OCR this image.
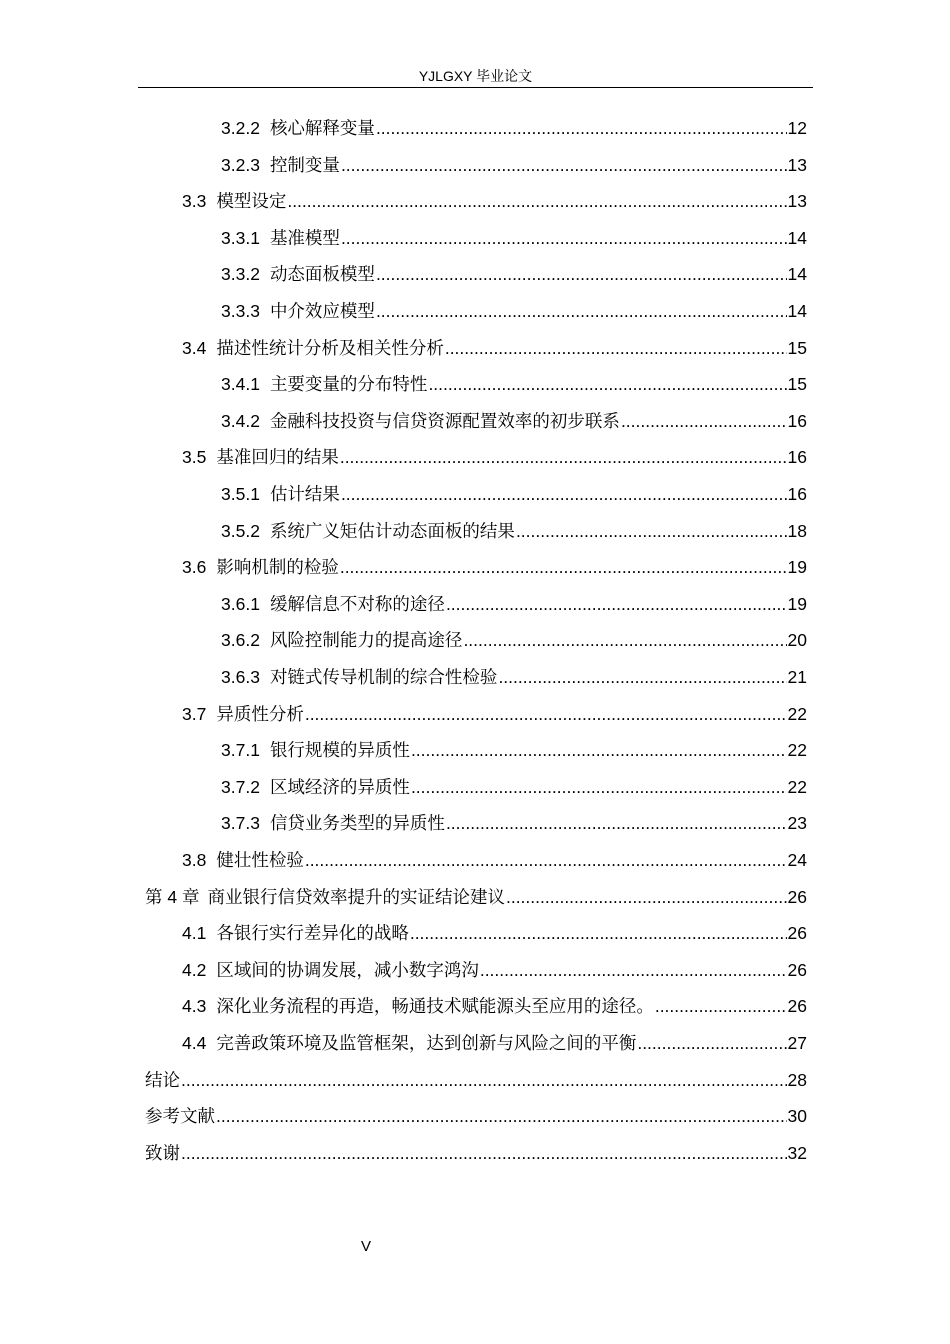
YJLGXY 毕业论文
3.2.2 核心解释变量 .....	12
3.2.3 控制变量 .....	13
3.3 模型设定 .....	13
3.3.1 基准模型 .....	14
3.3.2 动态面板模型 .....	14
3.3.3 中介效应模型 .....	14
3.4 描述性统计分析及相关性分析 .....	15
3.4.1 主要变量的分布特性 .....	15
3.4.2 金融科技投资与信贷资源配置效率的初步联系 .....	16
3.5 基准回归的结果 .....	16
3.5.1 估计结果 .....	16
3.5.2 系统广义矩估计动态面板的结果 .....	18
3.6 影响机制的检验 .....	19
3.6.1 缓解信息不对称的途径 .....	19
3.6.2 风险控制能力的提高途径 .....	20
3.6.3 对链式传导机制的综合性检验 .....	21
3.7 异质性分析 .....	22
3.7.1 银行规模的异质性 .....	22
3.7.2 区域经济的异质性 .....	22
3.7.3 信贷业务类型的异质性 .....	23
3.8 健壮性检验 .....	24
第 4 章 商业银行信贷效率提升的实证结论建议 .....	26
4.1 各银行实行差异化的战略 .....	26
4.2 区域间的协调发展，减小数字鸿沟 .....	26
4.3 深化业务流程的再造，畅通技术赋能源头至应用的途径。 .....	26
4.4 完善政策环境及监管框架，达到创新与风险之间的平衡 .....	27
结论 .....	28
参考文献 .....	30
致谢 .....	32
V
